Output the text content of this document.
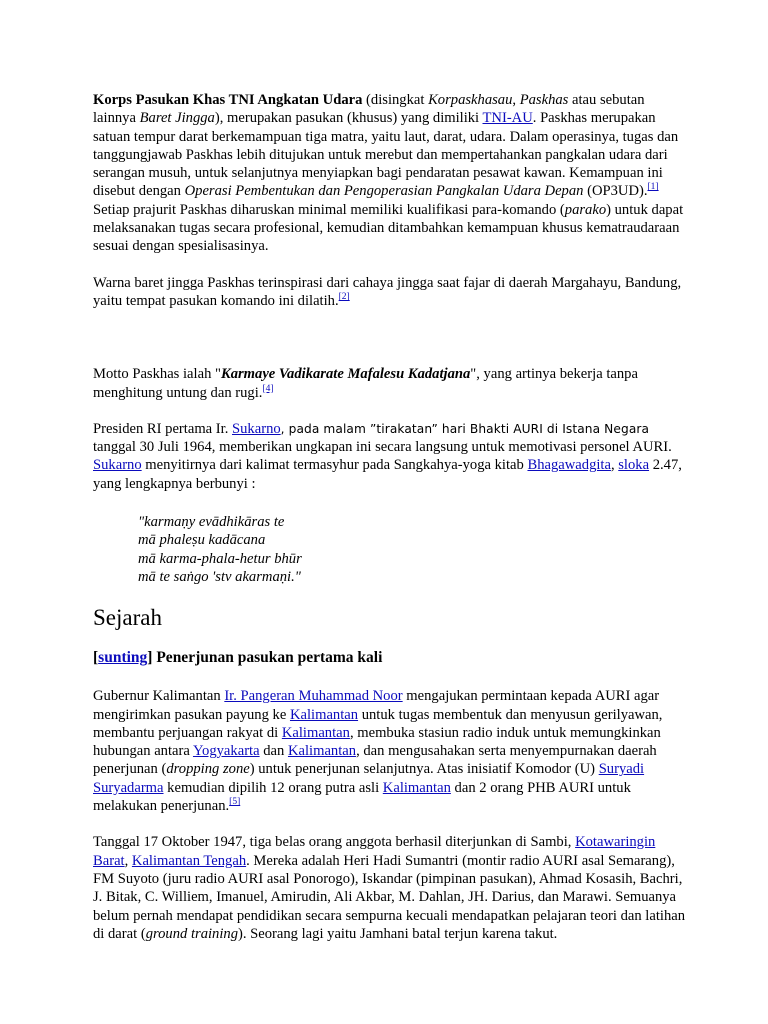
Korps Pasukan Khas TNI Angkatan Udara (disingkat Korpaskhasau, Paskhas atau sebutan lainnya Baret Jingga), merupakan pasukan (khusus) yang dimiliki TNI-AU. Paskhas merupakan satuan tempur darat berkemampuan tiga matra, yaitu laut, darat, udara. Dalam operasinya, tugas dan tanggungjawab Paskhas lebih ditujukan untuk merebut dan mempertahankan pangkalan udara dari serangan musuh, untuk selanjutnya menyiapkan bagi pendaratan pesawat kawan. Kemampuan ini disebut dengan Operasi Pembentukan dan Pengoperasian Pangkalan Udara Depan (OP3UD).[1] Setiap prajurit Paskhas diharuskan minimal memiliki kualifikasi para-komando (parako) untuk dapat melaksanakan tugas secara profesional, kemudian ditambahkan kemampuan khusus kematraudaraan sesuai dengan spesialisasinya.

Warna baret jingga Paskhas terinspirasi dari cahaya jingga saat fajar di daerah Margahayu, Bandung, yaitu tempat pasukan komando ini dilatih.[2]

Motto Paskhas ialah "Karmaye Vadikarate Mafalesu Kadatjana", yang artinya bekerja tanpa menghitung untung dan rugi.[4]

Presiden RI pertama Ir. Sukarno, pada malam ”tirakatan” hari Bhakti AURI di Istana Negara tanggal 30 Juli 1964, memberikan ungkapan ini secara langsung untuk memotivasi personel AURI. Sukarno menyitirnya dari kalimat termasyhur pada Sangkahya-yoga kitab Bhagawadgita, sloka 2.47, yang lengkapnya berbunyi :

"karmaṇy evādhikāras te
mā phaleṣu kadācana
mā karma-phala-hetur bhūr
mā te saṅgo 'stv akarmaṇi."
Sejarah
[sunting] Penerjunan pasukan pertama kali

Gubernur Kalimantan Ir. Pangeran Muhammad Noor mengajukan permintaan kepada AURI agar mengirimkan pasukan payung ke Kalimantan untuk tugas membentuk dan menyusun gerilyawan, membantu perjuangan rakyat di Kalimantan, membuka stasiun radio induk untuk memungkinkan hubungan antara Yogyakarta dan Kalimantan, dan mengusahakan serta menyempurnakan daerah penerjunan (dropping zone) untuk penerjunan selanjutnya. Atas inisiatif Komodor (U) Suryadi Suryadarma kemudian dipilih 12 orang putra asli Kalimantan dan 2 orang PHB AURI untuk melakukan penerjunan.[5]

Tanggal 17 Oktober 1947, tiga belas orang anggota berhasil diterjunkan di Sambi, Kotawaringin Barat, Kalimantan Tengah. Mereka adalah Heri Hadi Sumantri (montir radio AURI asal Semarang), FM Suyoto (juru radio AURI asal Ponorogo), Iskandar (pimpinan pasukan), Ahmad Kosasih, Bachri, J. Bitak, C. Williem, Imanuel, Amirudin, Ali Akbar, M. Dahlan, JH. Darius, dan Marawi. Semuanya belum pernah mendapat pendidikan secara sempurna kecuali mendapatkan pelajaran teori dan latihan di darat (ground training). Seorang lagi yaitu Jamhani batal terjun karena takut.
